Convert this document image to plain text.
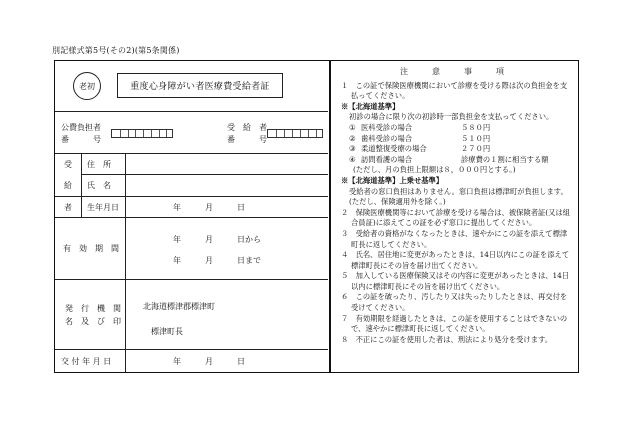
別記様式第5号(その2)(第5条関係)
老初	重度心身障がい者医療費受給者証
公費負担者
番　　　号
受　給　者
番　　　号
受
給
者
住　所
氏　名
生年月日	年　　　月　　　日
有　効　期　間
年　　　月　　　日から
年　　　月　　　日まで
発　行　機　関
名　及　び　印
北海道標津郡標津町
標津町長
交 付 年 月 日	年　　　月　　　日
注　意　事　項

１　この証で保険医療機関において診療を受ける際は次の負担金を支払ってください。

※【北海道基準】

初診の場合に限り次の初診時一部負担金を支払ってください。

① 医科受診の場合	５８０円
② 歯科受診の場合	５１０円
③ 柔道整復受療の場合	２７０円
④ 訪問看護の場合	診療費の１割に相当する額

(ただし、月の負担上限額は８，０００円とする。)

※【北海道基準】上乗せ基準】

受給者の窓口負担はありません。窓口負担は標津町が負担します。(ただし、保険適用外を除く。)

２　保険医療機関等において診療を受ける場合は、被保険者証(又は組合員証)に添えてこの証を必ず窓口に提出してください。

３　受給者の資格がなくなったときは、速やかにこの証を添えて標津町長に返してください。

４　氏名、居住地に変更があったときは、14日以内にこの証を添えて標津町長にその旨を届け出てください。

５　加入している医療保険又はその内容に変更があったときは、14日以内に標津町長にその旨を届け出てください。

６　この証を破ったり、汚したり又は失ったりしたときは、再交付を受けてください。

７　有効期限を経過したときは、この証を使用することはできないので、速やかに標津町長に返してください。

８　不正にこの証を使用した者は、刑法により処分を受けます。
